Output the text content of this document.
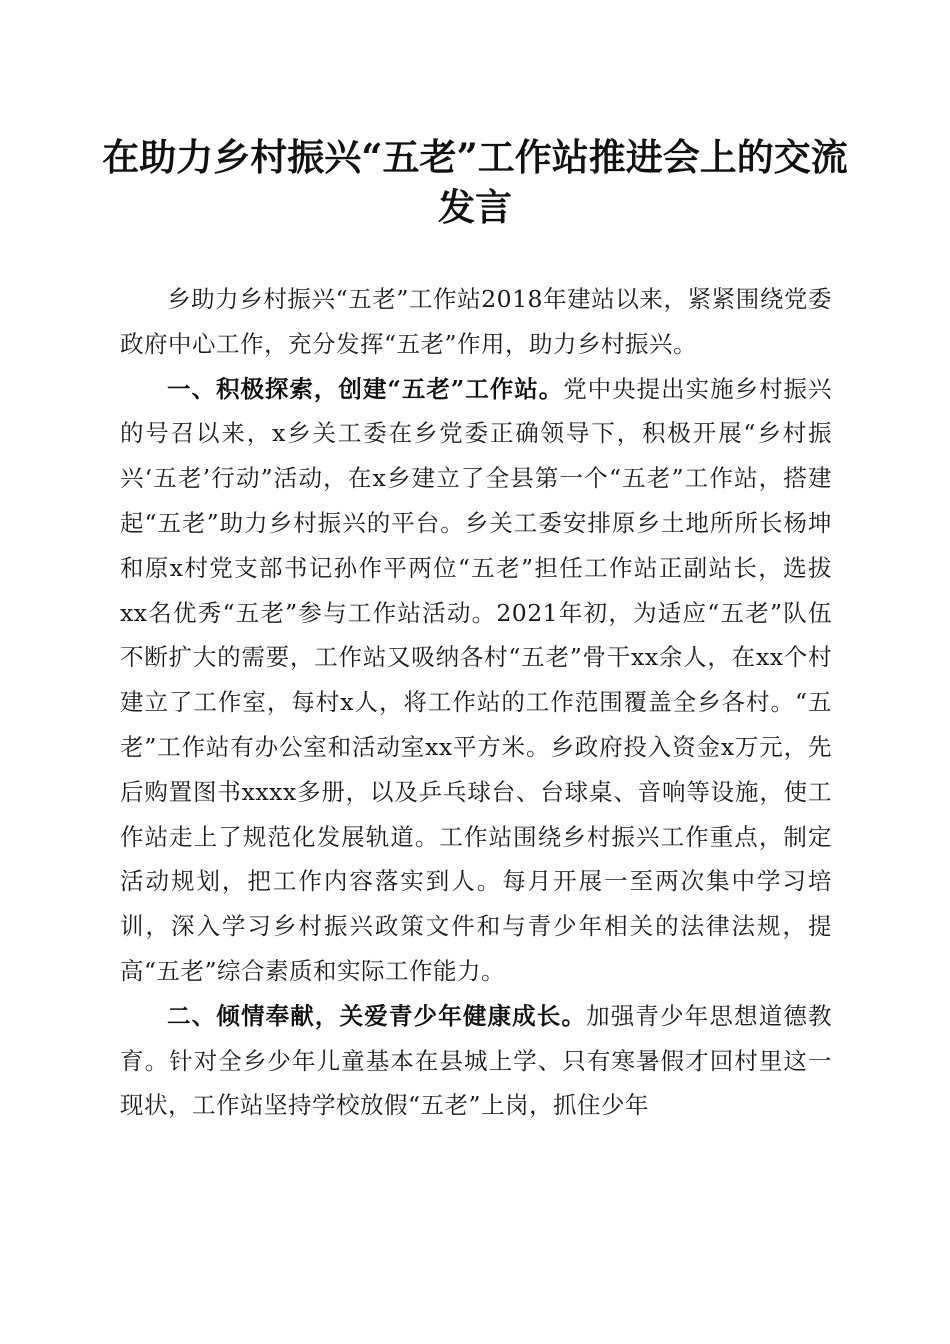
在助力乡村振兴“五老”工作站推进会上的交流发言

乡助力乡村振兴“五老”工作站2018年建站以来，紧紧围绕党委政府中心工作，充分发挥“五老”作用，助力乡村振兴。

一、积极探索，创建“五老”工作站。党中央提出实施乡村振兴的号召以来，x乡关工委在乡党委正确领导下，积极开展“乡村振兴‘五老’行动”活动，在x乡建立了全县第一个“五老”工作站，搭建起“五老”助力乡村振兴的平台。乡关工委安排原乡土地所所长杨坤和原x村党支部书记孙作平两位“五老”担任工作站正副站长，选拔xx名优秀“五老”参与工作站活动。2021年初，为适应“五老”队伍不断扩大的需要，工作站又吸纳各村“五老”骨干xx余人，在xx个村建立了工作室，每村x人，将工作站的工作范围覆盖全乡各村。“五老”工作站有办公室和活动室xx平方米。乡政府投入资金x万元，先后购置图书xxxx多册，以及乒乓球台、台球桌、音响等设施，使工作站走上了规范化发展轨道。工作站围绕乡村振兴工作重点，制定活动规划，把工作内容落实到人。每月开展一至两次集中学习培训，深入学习乡村振兴政策文件和与青少年相关的法律法规，提高“五老”综合素质和实际工作能力。

二、倾情奉献，关爱青少年健康成长。加强青少年思想道德教育。针对全乡少年儿童基本在县城上学、只有寒暑假才回村里这一现状，工作站坚持学校放假“五老”上岗，抓住少年
